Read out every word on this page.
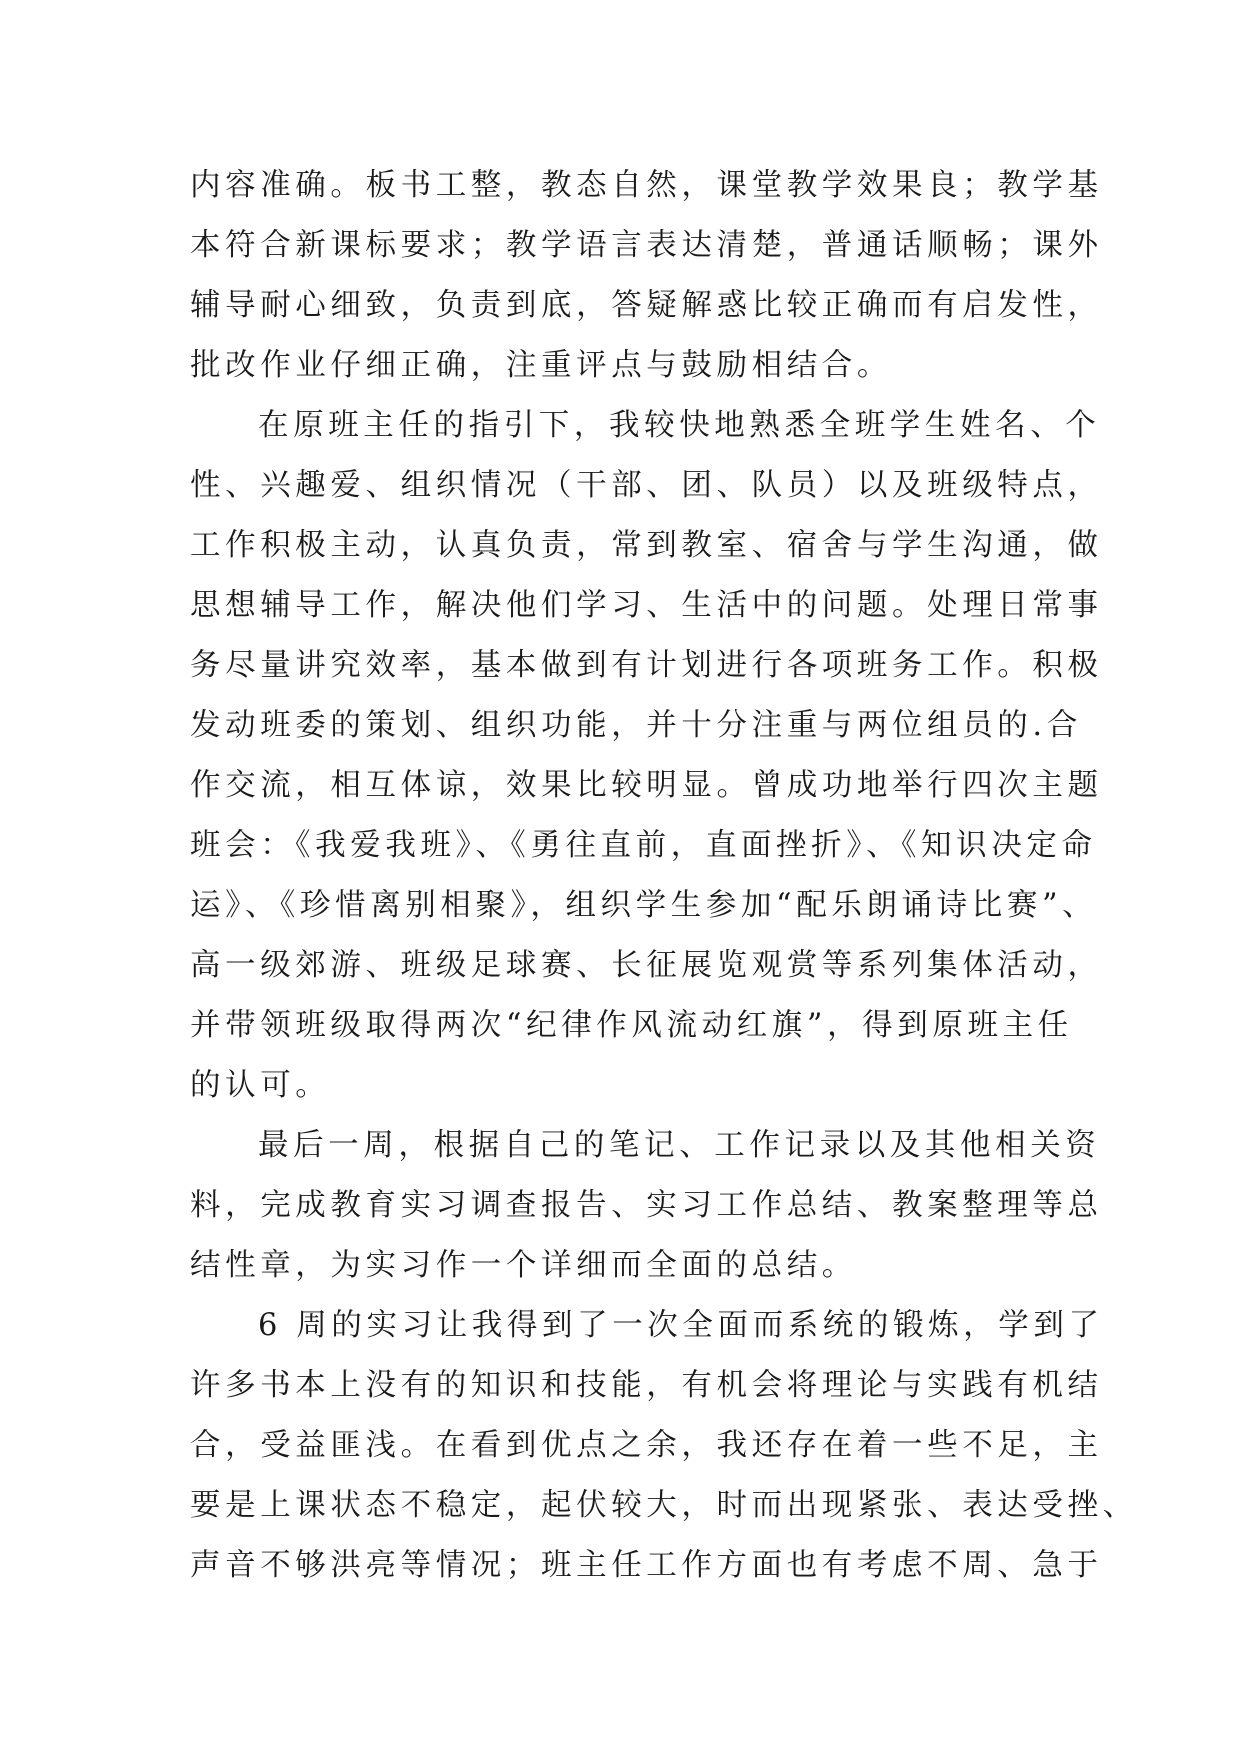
内容准确。板书工整，教态自然，课堂教学效果良；教学基
本符合新课标要求；教学语言表达清楚，普通话顺畅；课外
辅导耐心细致，负责到底，答疑解惑比较正确而有启发性，
批改作业仔细正确，注重评点与鼓励相结合。
在原班主任的指引下，我较快地熟悉全班学生姓名、个
性、兴趣爱、组织情况（干部、团、队员）以及班级特点，
工作积极主动，认真负责，常到教室、宿舍与学生沟通，做
思想辅导工作，解决他们学习、生活中的问题。处理日常事
务尽量讲究效率，基本做到有计划进行各项班务工作。积极
发动班委的策划、组织功能，并十分注重与两位组员的.合
作交流，相互体谅，效果比较明显。曾成功地举行四次主题
班会：《我爱我班》、《勇往直前，直面挫折》、《知识决定命
运》、《珍惜离别相聚》，组织学生参加“配乐朗诵诗比赛”、
高一级郊游、班级足球赛、长征展览观赏等系列集体活动，
并带领班级取得两次“纪律作风流动红旗”，得到原班主任
的认可。
最后一周，根据自己的笔记、工作记录以及其他相关资
料，完成教育实习调查报告、实习工作总结、教案整理等总
结性章，为实习作一个详细而全面的总结。
6 周的实习让我得到了一次全面而系统的锻炼，学到了
许多书本上没有的知识和技能，有机会将理论与实践有机结
合，受益匪浅。在看到优点之余，我还存在着一些不足，主
要是上课状态不稳定，起伏较大，时而出现紧张、表达受挫、
声音不够洪亮等情况；班主任工作方面也有考虑不周、急于
